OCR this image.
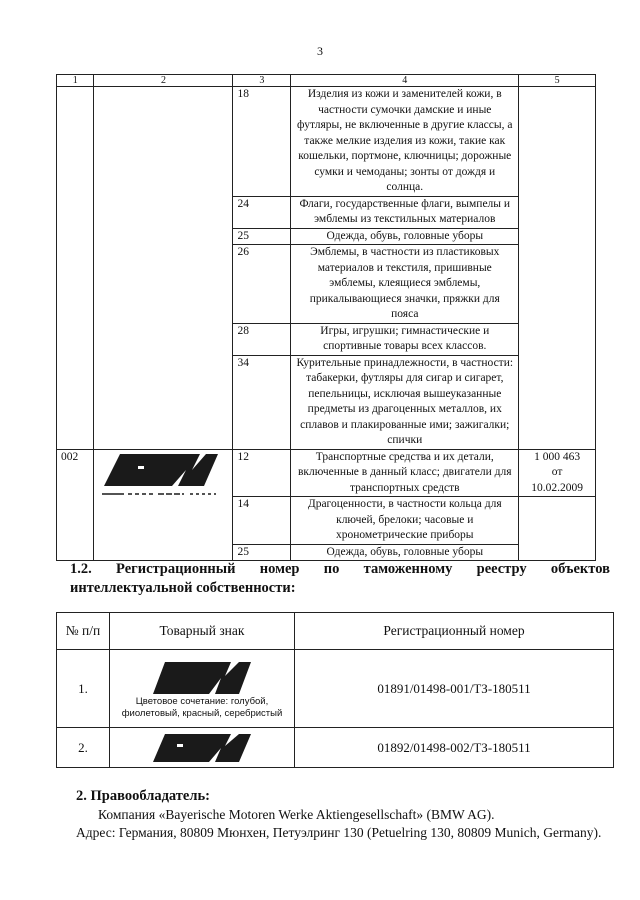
3
1	2	3	4	5
		18	Изделия из кожи и заменителей кожи, в частности сумочки дамские и иные футляры, не включенные в другие классы, а также мелкие изделия из кожи, такие как кошельки, портмоне, ключницы; дорожные сумки и чемоданы; зонты от дождя и солнца.	
		24	Флаги, государственные флаги, вымпелы и эмблемы из текстильных материалов	
		25	Одежда, обувь, головные уборы	
		26	Эмблемы, в частности из пластиковых материалов и текстиля, пришивные эмблемы, клеящиеся эмблемы, прикалывающиеся значки, пряжки для пояса	
		28	Игры, игрушки; гимнастические и спортивные товары всех классов.	
		34	Курительные принадлежности, в частности: табакерки, футляры для сигар и сигарет, пепельницы, исключая вышеуказанные предметы из драгоценных металлов, их сплавов и плакированные ими; зажигалки; спички	
002		12	Транспортные средства и их детали, включенные в данный класс; двигатели для транспортных средств	1 000 463
от
10.02.2009

		14	Драгоценности, в частности кольца для ключей, брелоки; часовые и хронометрические приборы	
		25	Одежда, обувь, головные уборы	
1.2. Регистрационный номер по таможенному реестру объектов
интеллектуальной собственности:
№ п/п	Товарный знак	Регистрационный номер
1.	Цветовое сочетание: голубой, фиолетовый, красный, серебристый	01891/01498-001/ТЗ-180511
2.		01892/01498-002/ТЗ-180511
2. Правообладатель:
Компания «Bayerische Motoren Werke Aktiengesellschaft» (BMW AG).
Адрес: Германия, 80809 Мюнхен, Петуэлринг 130 (Petuelring 130, 80809 Munich, Germany).
